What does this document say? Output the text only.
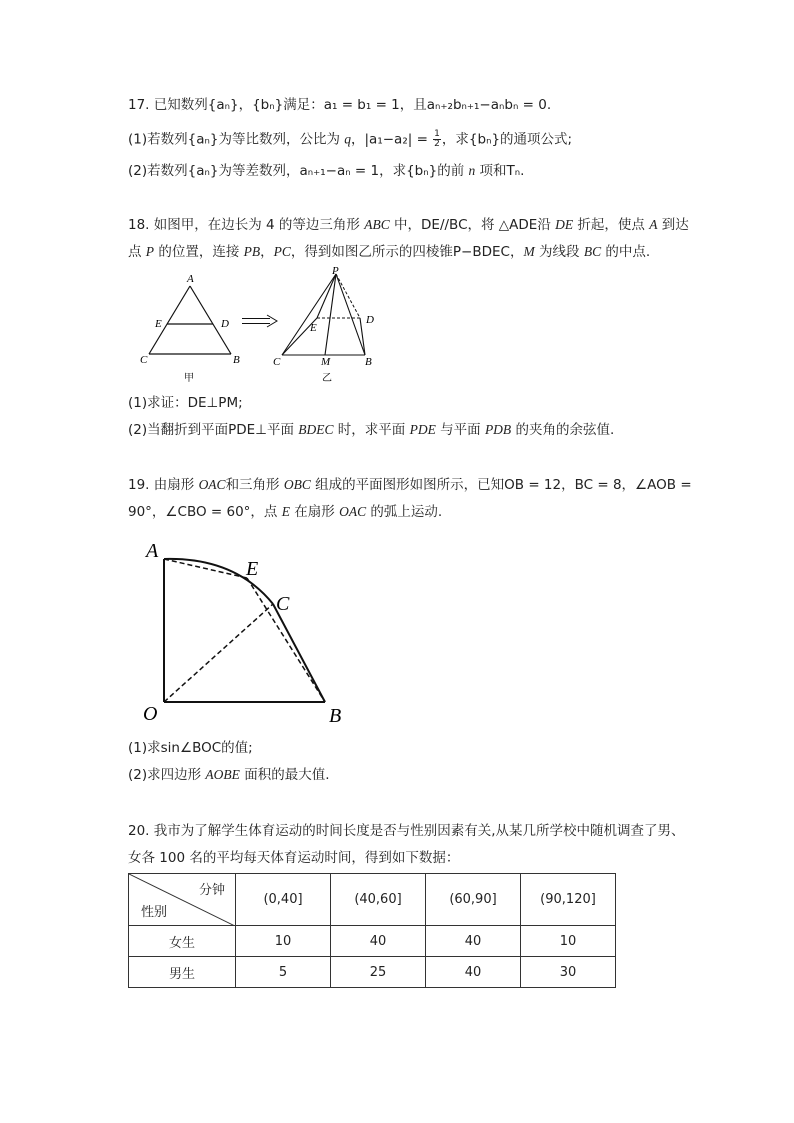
17. 已知数列{aₙ}，{bₙ}满足：a₁ = b₁ = 1，且aₙ₊₂bₙ₊₁−aₙbₙ = 0.
(1)若数列{aₙ}为等比数列，公比为 q，$|a_1-a_2| = \frac{1}{2}$ ，求{bₙ}的通项公式;
(2)若数列{aₙ}为等差数列，aₙ₊₁−aₙ = 1，求{bₙ}的前 n 项和Tₙ.
18. 如图甲，在边长为 4 的等边三角形 ABC 中，DE//BC，将 △ADE沿 DE 折起，使点 A 到达
点 P 的位置，连接 PB，PC，得到如图乙所示的四棱锥P−BDEC，M 为线段 BC 的中点.
A
E	D
C	B
甲
P
E
D
C	M	B
乙
(1)求证：DE⊥PM;
(2)当翻折到平面PDE⊥平面 BDEC 时，求平面 PDE 与平面 PDB 的夹角的余弦值.
19. 由扇形 OAC和三角形 OBC 组成的平面图形如图所示，已知OB = 12，BC = 8，∠AOB =
90°，∠CBO = 60°，点 E 在扇形 OAC 的弧上运动.
A
E
C
O	B
(1)求sin∠BOC的值;
(2)求四边形 AOBE 面积的最大值.
20. 我市为了解学生体育运动的时间长度是否与性别因素有关,从某几所学校中随机调查了男、
女各 100 名的平均每天体育运动时间，得到如下数据：
分钟
性别	(0,40]	(40,60]	(60,90]	(90,120]
女生	10	40	40	10
男生	5	25	40	30
